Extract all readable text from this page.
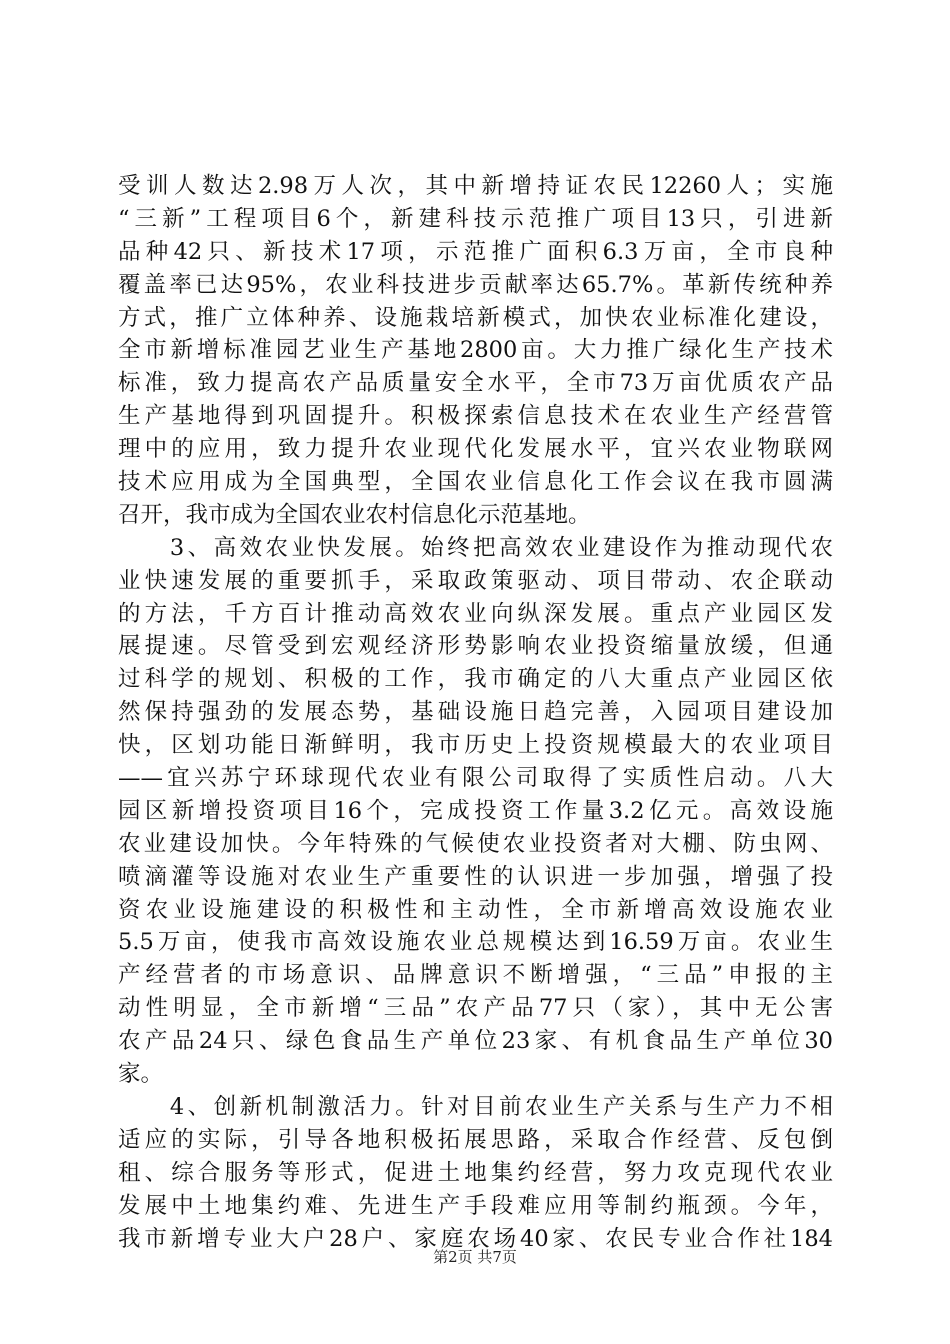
受训人数达2.98万人次，其中新增持证农民12260人；实施
“三新”工程项目6个，新建科技示范推广项目13只，引进新
品种42只、新技术17项，示范推广面积6.3万亩，全市良种
覆盖率已达95%，农业科技进步贡献率达65.7%。革新传统种养
方式，推广立体种养、设施栽培新模式，加快农业标准化建设，
全市新增标准园艺业生产基地2800亩。大力推广绿化生产技术
标准，致力提高农产品质量安全水平，全市73万亩优质农产品
生产基地得到巩固提升。积极探索信息技术在农业生产经营管
理中的应用，致力提升农业现代化发展水平，宜兴农业物联网
技术应用成为全国典型，全国农业信息化工作会议在我市圆满
召开，我市成为全国农业农村信息化示范基地。
　　3、高效农业快发展。始终把高效农业建设作为推动现代农
业快速发展的重要抓手，采取政策驱动、项目带动、农企联动
的方法，千方百计推动高效农业向纵深发展。重点产业园区发
展提速。尽管受到宏观经济形势影响农业投资缩量放缓，但通
过科学的规划、积极的工作，我市确定的八大重点产业园区依
然保持强劲的发展态势，基础设施日趋完善，入园项目建设加
快，区划功能日渐鲜明，我市历史上投资规模最大的农业项目
——宜兴苏宁环球现代农业有限公司取得了实质性启动。八大
园区新增投资项目16个，完成投资工作量3.2亿元。高效设施
农业建设加快。今年特殊的气候使农业投资者对大棚、防虫网、
喷滴灌等设施对农业生产重要性的认识进一步加强，增强了投
资农业设施建设的积极性和主动性，全市新增高效设施农业
5.5万亩，使我市高效设施农业总规模达到16.59万亩。农业生
产经营者的市场意识、品牌意识不断增强，“三品”申报的主
动性明显，全市新增“三品”农产品77只（家），其中无公害
农产品24只、绿色食品生产单位23家、有机食品生产单位30
家。
　　4、创新机制激活力。针对目前农业生产关系与生产力不相
适应的实际，引导各地积极拓展思路，采取合作经营、反包倒
租、综合服务等形式，促进土地集约经营，努力攻克现代农业
发展中土地集约难、先进生产手段难应用等制约瓶颈。今年，
我市新增专业大户28户、家庭农场40家、农民专业合作社184
第2页 共7页
